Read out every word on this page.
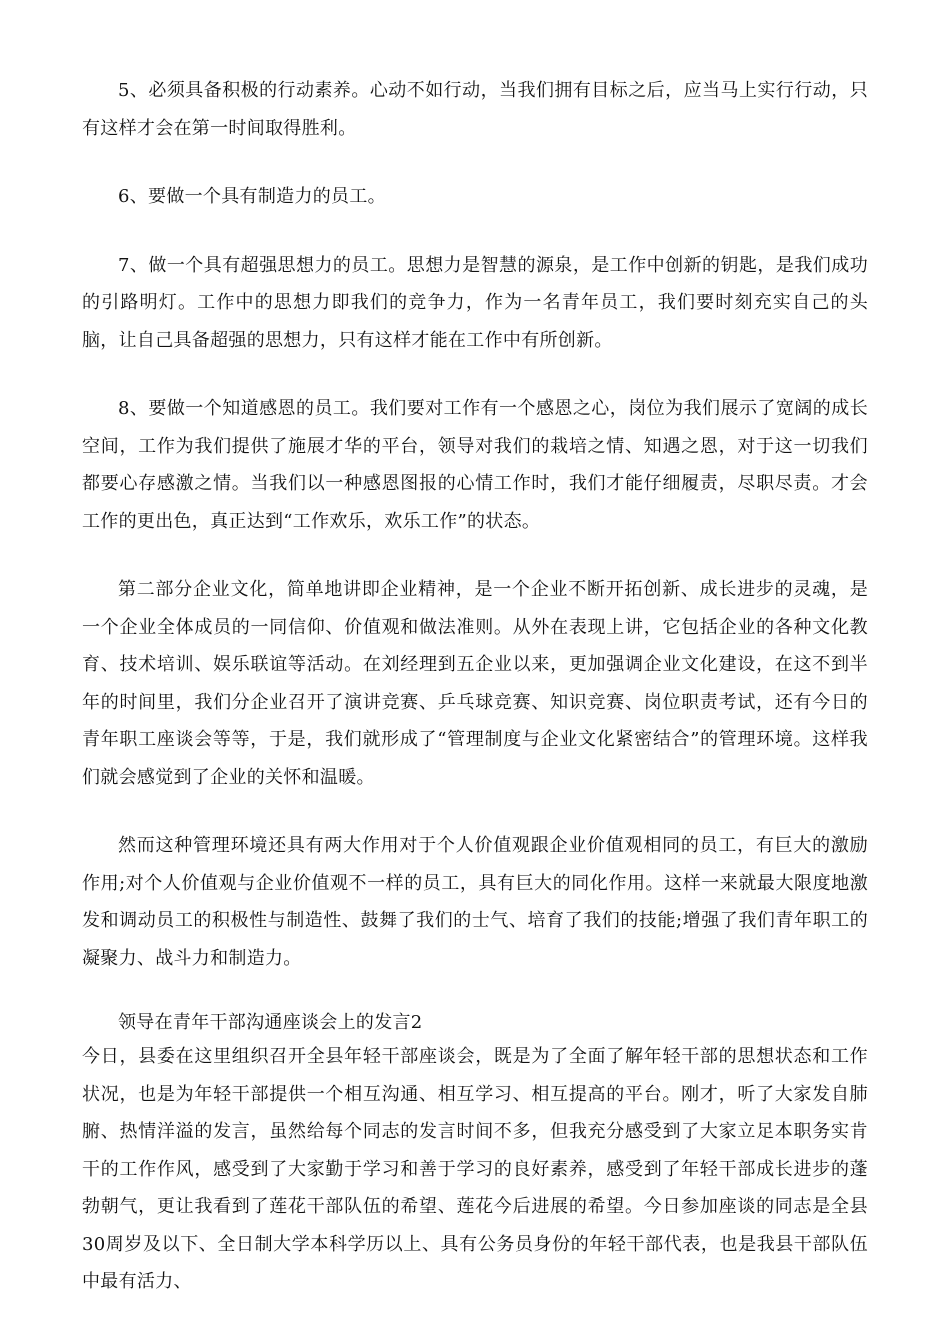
5、必须具备积极的行动素养。心动不如行动，当我们拥有目标之后，应当马上实行行动，只有这样才会在第一时间取得胜利。

6、要做一个具有制造力的员工。

7、做一个具有超强思想力的员工。思想力是智慧的源泉，是工作中创新的钥匙，是我们成功的引路明灯。工作中的思想力即我们的竞争力，作为一名青年员工，我们要时刻充实自己的头脑，让自己具备超强的思想力，只有这样才能在工作中有所创新。

8、要做一个知道感恩的员工。我们要对工作有一个感恩之心，岗位为我们展示了宽阔的成长空间，工作为我们提供了施展才华的平台，领导对我们的栽培之情、知遇之恩，对于这一切我们都要心存感激之情。当我们以一种感恩图报的心情工作时，我们才能仔细履责，尽职尽责。才会工作的更出色，真正达到“工作欢乐，欢乐工作”的状态。

第二部分企业文化，简单地讲即企业精神，是一个企业不断开拓创新、成长进步的灵魂，是一个企业全体成员的一同信仰、价值观和做法准则。从外在表现上讲，它包括企业的各种文化教育、技术培训、娱乐联谊等活动。在刘经理到五企业以来，更加强调企业文化建设，在这不到半年的时间里，我们分企业召开了演讲竞赛、乒乓球竞赛、知识竞赛、岗位职责考试，还有今日的青年职工座谈会等等，于是，我们就形成了“管理制度与企业文化紧密结合”的管理环境。这样我们就会感觉到了企业的关怀和温暖。

然而这种管理环境还具有两大作用对于个人价值观跟企业价值观相同的员工，有巨大的激励作用;对个人价值观与企业价值观不一样的员工，具有巨大的同化作用。这样一来就最大限度地激发和调动员工的积极性与制造性、鼓舞了我们的士气、培育了我们的技能;增强了我们青年职工的凝聚力、战斗力和制造力。

领导在青年干部沟通座谈会上的发言2

今日，县委在这里组织召开全县年轻干部座谈会，既是为了全面了解年轻干部的思想状态和工作状况，也是为年轻干部提供一个相互沟通、相互学习、相互提高的平台。刚才，听了大家发自肺腑、热情洋溢的发言，虽然给每个同志的发言时间不多，但我充分感受到了大家立足本职务实肯干的工作作风，感受到了大家勤于学习和善于学习的良好素养，感受到了年轻干部成长进步的蓬勃朝气，更让我看到了莲花干部队伍的希望、莲花今后进展的希望。今日参加座谈的同志是全县30周岁及以下、全日制大学本科学历以上、具有公务员身份的年轻干部代表，也是我县干部队伍中最有活力、
